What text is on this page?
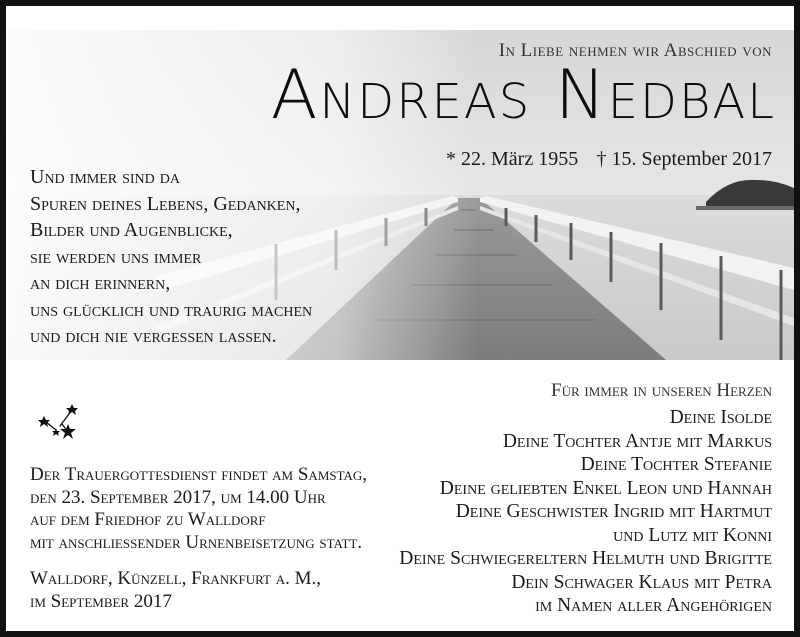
In Liebe nehmen wir Abschied von
Andreas Nedbal
* 22. März 1955 † 15. September 2017
Und immer sind da
Spuren deines Lebens, Gedanken,
Bilder und Augenblicke,
sie werden uns immer
an dich erinnern,
uns glücklich und traurig machen
und dich nie vergessen lassen.
Der Trauergottesdienst findet am Samstag,
den 23. September 2017, um 14.00 Uhr
auf dem Friedhof zu Walldorf
mit anschliessender Urnenbeisetzung statt.
Walldorf, Künzell, Frankfurt a. M.,
im September 2017
Für immer in unseren Herzen
Deine Isolde
Deine Tochter Antje mit Markus
Deine Tochter Stefanie
Deine geliebten Enkel Leon und Hannah
Deine Geschwister Ingrid mit Hartmut
und Lutz mit Konni
Deine Schwiegereltern Helmuth und Brigitte
Dein Schwager Klaus mit Petra
im Namen aller Angehörigen
